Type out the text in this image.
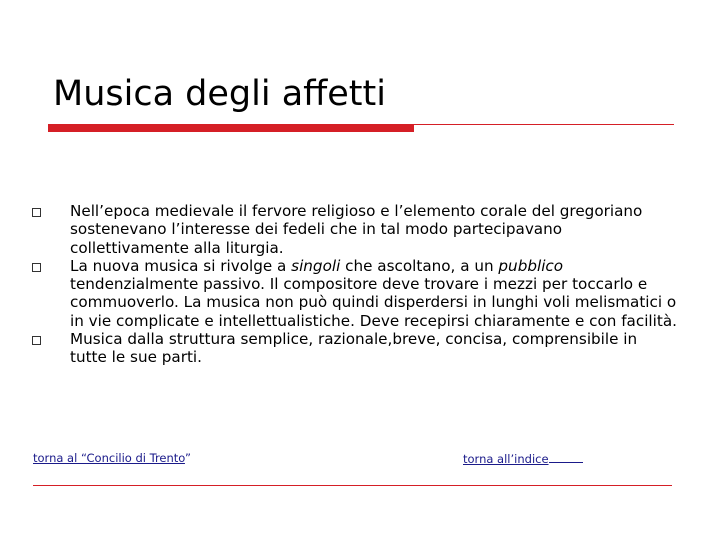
Musica degli affetti

Nell’epoca medievale il fervore religioso e l’elemento corale del gregoriano sostenevano l’interesse dei fedeli che in tal modo partecipavano collettivamente alla liturgia.

La nuova musica si rivolge a singoli che ascoltano, a un pubblico tendenzialmente passivo. Il compositore deve trovare i mezzi per toccarlo e commuoverlo. La musica non può quindi disperdersi in lunghi voli melismatici o in vie complicate e intellettualistiche. Deve recepirsi chiaramente e con facilità.

Musica dalla struttura semplice, razionale,breve, concisa, comprensibile in tutte le sue parti.

torna al “Concilio di Trento”	torna all’indice
